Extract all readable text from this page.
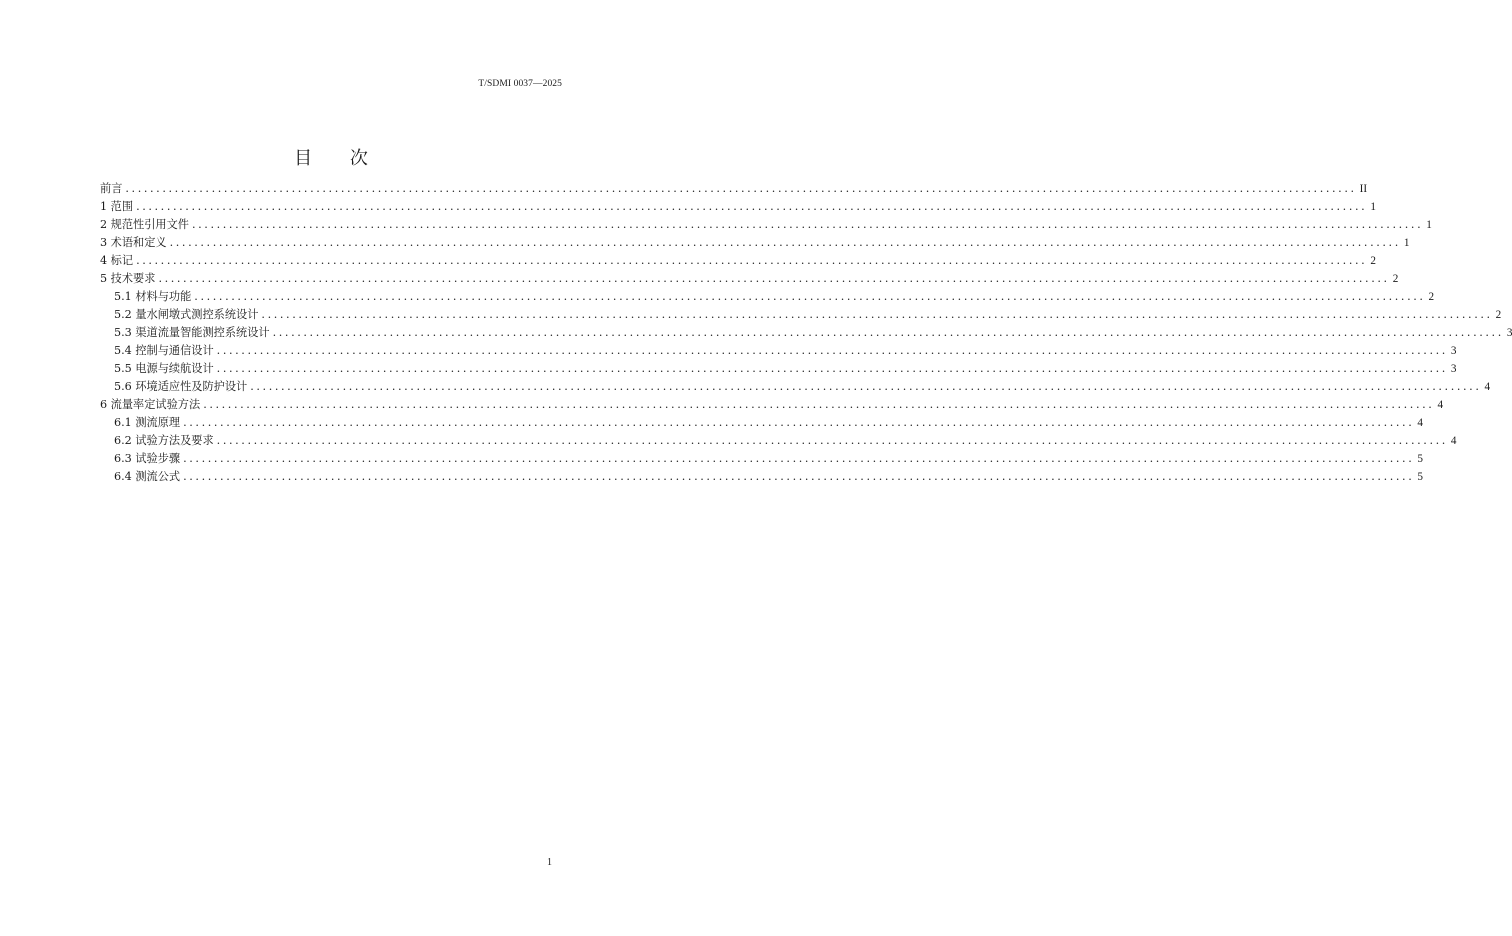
T/SDMI 0037—2025
目 次
前言 ........................................................................................................................................................................................................ II
1 范围 ........................................................................................................................................................................................................ 1
2 规范性引用文件 ........................................................................................................................................................................................................ 1
3 术语和定义 ........................................................................................................................................................................................................ 1
4 标记 ........................................................................................................................................................................................................ 2
5 技术要求 ........................................................................................................................................................................................................ 2
5.1 材料与功能 ........................................................................................................................................................................................................ 2
5.2 量水闸墩式测控系统设计 ........................................................................................................................................................................................................ 2
5.3 渠道流量智能测控系统设计 ........................................................................................................................................................................................................ 3
5.4 控制与通信设计 ........................................................................................................................................................................................................ 3
5.5 电源与续航设计 ........................................................................................................................................................................................................ 3
5.6 环境适应性及防护设计 ........................................................................................................................................................................................................ 4
6 流量率定试验方法 ........................................................................................................................................................................................................ 4
6.1 测流原理 ........................................................................................................................................................................................................ 4
6.2 试验方法及要求 ........................................................................................................................................................................................................ 4
6.3 试验步骤 ........................................................................................................................................................................................................ 5
6.4 测流公式 ........................................................................................................................................................................................................ 5
1
